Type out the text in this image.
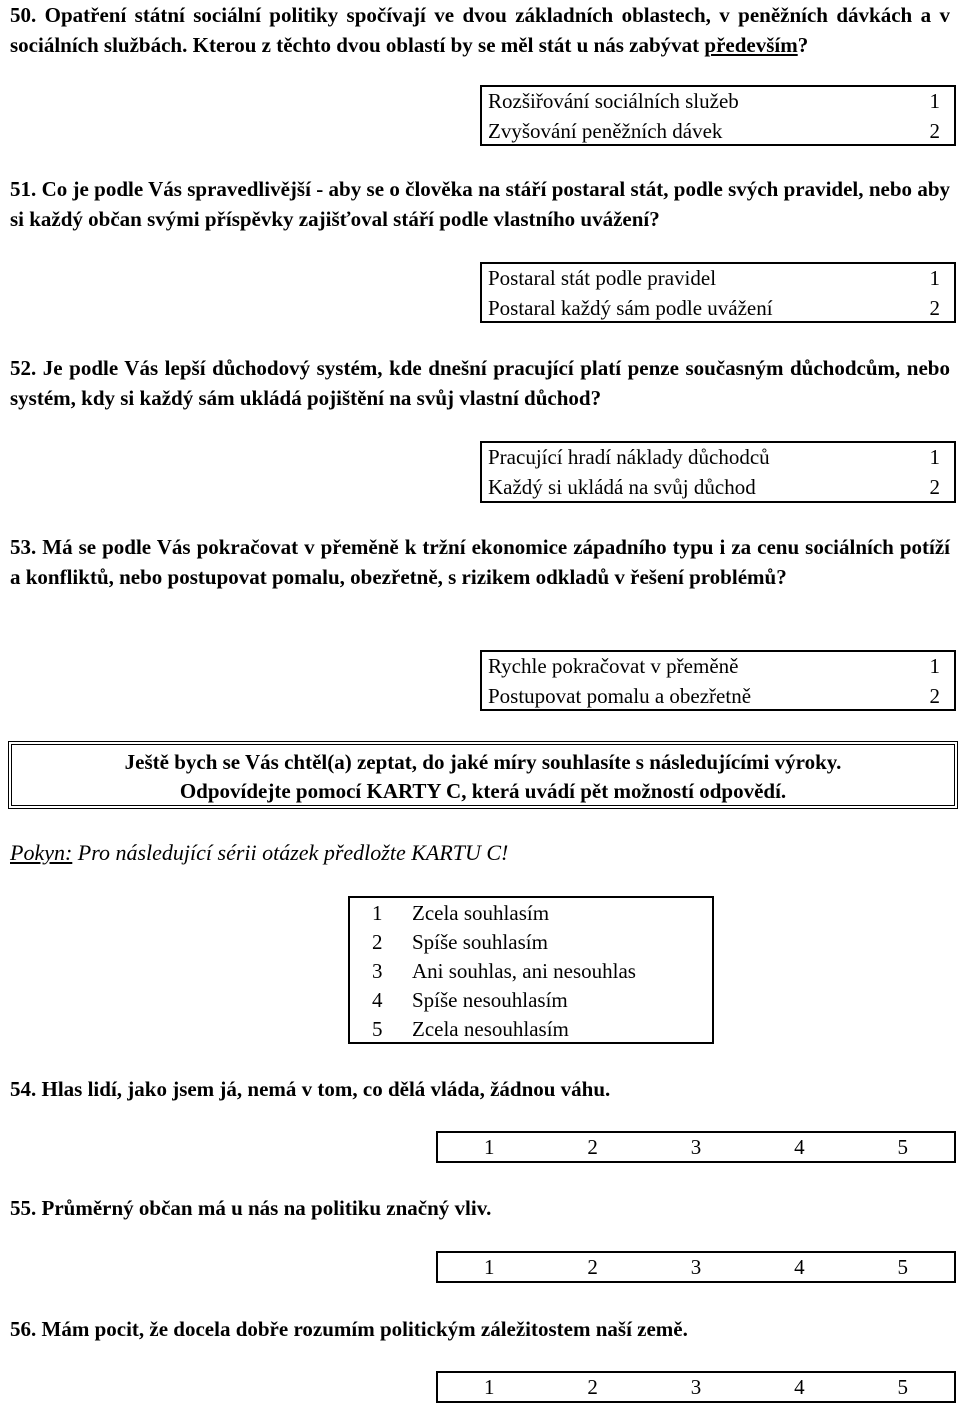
50. Opatření státní sociální politiky spočívají ve dvou základních oblastech, v peněžních dávkách a v sociálních službách. Kterou z těchto dvou oblastí by se měl stát u nás zabývat především?

Rozšiřování sociálních služeb	1
Zvyšování peněžních dávek	2

51. Co je podle Vás spravedlivější - aby se o člověka na stáří postaral stát, podle svých pravidel, nebo aby si každý občan svými příspěvky zajišťoval stáří podle vlastního uvážení?

Postaral stát podle pravidel	1
Postaral každý sám podle uvážení	2

52. Je podle Vás lepší důchodový systém, kde dnešní pracující platí penze současným důchodcům, nebo systém, kdy si každý sám ukládá pojištění na svůj vlastní důchod?

Pracující hradí náklady důchodců	1
Každý si ukládá na svůj důchod	2

53. Má se podle Vás pokračovat v přeměně k tržní ekonomice západního typu i za cenu sociálních potíží a konfliktů, nebo postupovat pomalu, obezřetně, s rizikem odkladů v řešení problémů?

Rychle pokračovat v přeměně	1
Postupovat pomalu a obezřetně	2
Ještě bych se Vás chtěl(a) zeptat, do jaké míry souhlasíte s následujícími výroky.
Odpovídejte pomocí KARTY C, která uvádí pět možností odpovědí.
Pokyn: Pro následující sérii otázek předložte KARTU C!
1	Zcela souhlasím
2	Spíše souhlasím
3	Ani souhlas, ani nesouhlas
4	Spíše nesouhlasím
5	Zcela nesouhlasím

54. Hlas lidí, jako jsem já, nemá v tom, co dělá vláda, žádnou váhu.

1	2	3	4	5

55. Průměrný občan má u nás na politiku značný vliv.

1	2	3	4	5

56. Mám pocit, že docela dobře rozumím politickým záležitostem naší země.

1	2	3	4	5
